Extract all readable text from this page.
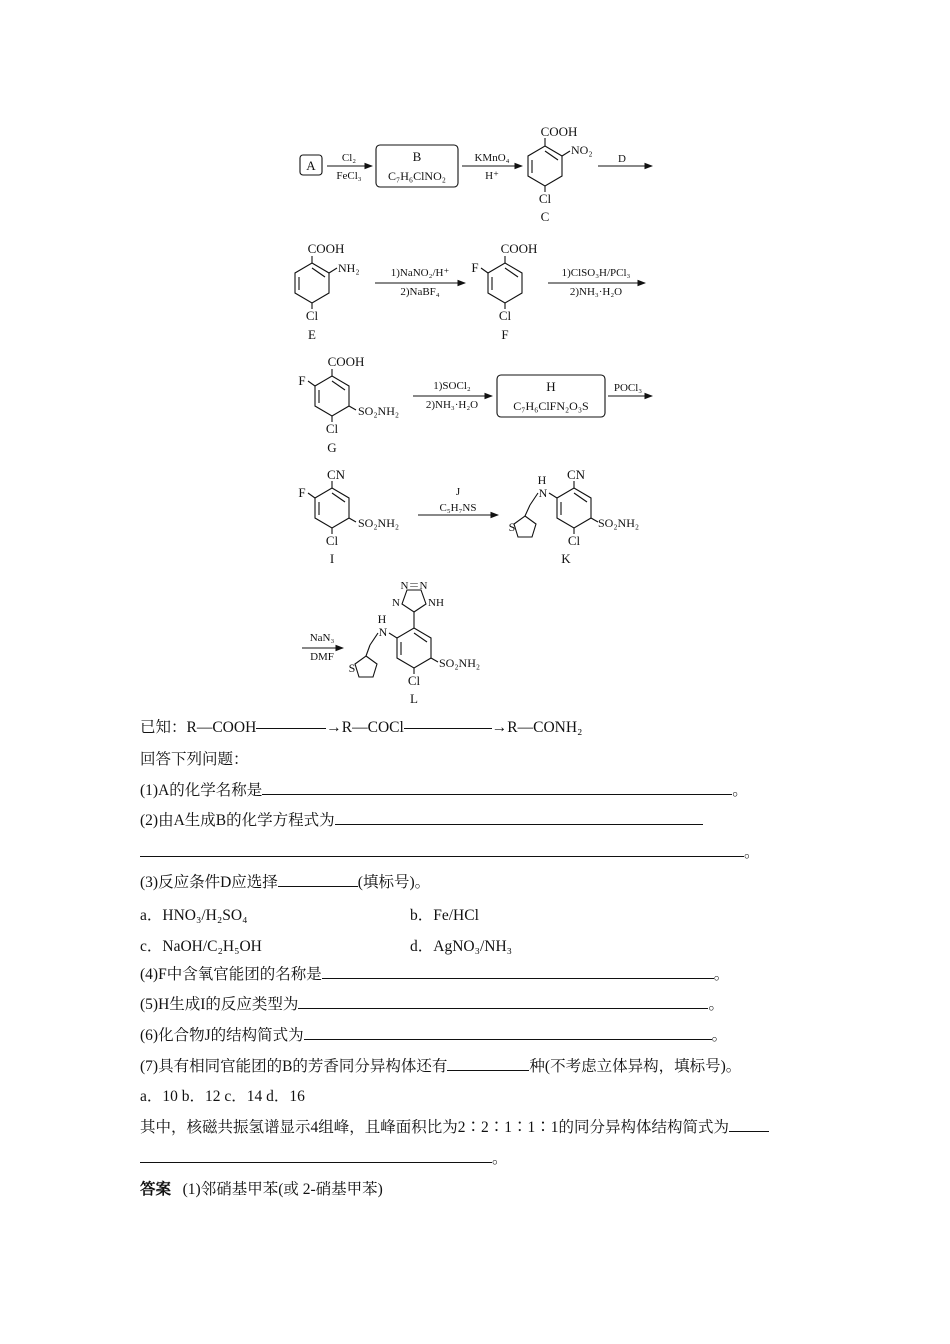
A Cl₂
FeCl₃
B
C₇H₆ClNO₂
KMnO₄
H⁺
COOH
NO₂
Cl
C
D
COOH
NH₂
Cl
E
1)NaNO₂/H⁺
2)NaBF₄
COOH
F
Cl
F
1)ClSO₃H/PCl₃
2)NH₃·H₂O
COOH
F
SO₂NH₂
Cl
G
1)SOCl₂
2)NH₃·H₂O
H
C₇H₆ClFN₂O₃S
POCl₃
CN
F
SO₂NH₂
Cl
I
J
C₅H₇NS
H
N
CN
S	SO₂NH₂
Cl
K
NaN₃
DMF
N＝N
N	NH
H
N
S	SO₂NH₂
Cl
L
已知：R—COOH	→R—COCl	→R—CONH₂
回答下列问题：
(1)A的化学名称是	。
(2)由A生成B的化学方程式为
。
(3)反应条件D应选择	(填标号)。
a．HNO₃/H₂SO₄	b．Fe/HCl
c．NaOH/C₂H₅OH	d．AgNO₃/NH₃
(4)F中含氧官能团的名称是	。
(5)H生成I的反应类型为	。
(6)化合物J的结构简式为	。
(7)具有相同官能团的B的芳香同分异构体还有	种(不考虑立体异构，填标号)。
a．10 b．12 c．14 d．16
其中，核磁共振氢谱显示4组峰，且峰面积比为2∶2∶1∶1∶1的同分异构体结构简式为
。
答案 (1)邻硝基甲苯(或 2-硝基甲苯)
